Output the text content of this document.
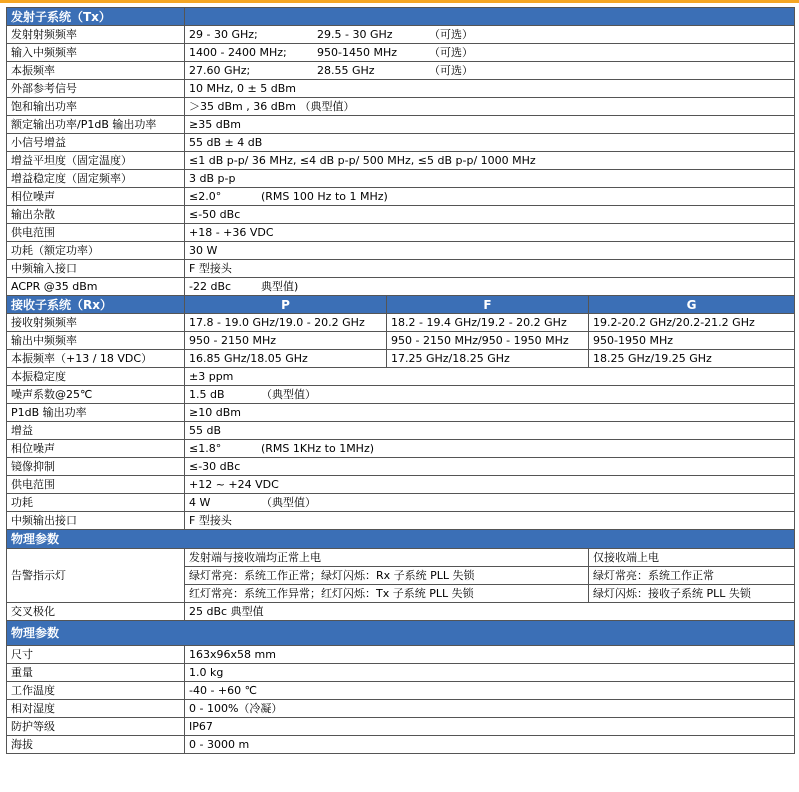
发射子系统（Tx）			
发射射频频率	29 - 30 GHz; 29.5 - 30 GHz （可选）		
输入中频频率	1400 - 2400 MHz; 950-1450 MHz （可选）		
本振频率	27.60 GHz; 28.55 GHz （可选）		
外部参考信号	10 MHz, 0 ± 5 dBm		
饱和输出功率	＞35 dBm , 36 dBm （典型值）		
额定输出功率/P1dB 输出功率	≥35 dBm		
小信号增益	55 dB ± 4 dB		
增益平坦度（固定温度）	≤1 dB p-p/ 36 MHz, ≤4 dB p-p/ 500 MHz, ≤5 dB p-p/ 1000 MHz		
增益稳定度（固定频率）	3 dB p-p		
相位噪声	≤2.0° (RMS 100 Hz to 1 MHz)		
输出杂散	≤-50 dBc		
供电范围	+18 - +36 VDC		
功耗（额定功率）	30 W		
中频输入接口	F 型接头		
ACPR @35 dBm	-22 dBc 典型值)		
接收子系统（Rx）	P	F	G
接收射频频率	17.8 - 19.0 GHz/19.0 - 20.2 GHz	18.2 - 19.4 GHz/19.2 - 20.2 GHz	19.2-20.2 GHz/20.2-21.2 GHz
输出中频频率	950 - 2150 MHz	950 - 2150 MHz/950 - 1950 MHz	950-1950 MHz
本振频率（+13 / 18 VDC）	16.85 GHz/18.05 GHz	17.25 GHz/18.25 GHz	18.25 GHz/19.25 GHz
本振稳定度	±3 ppm		
噪声系数@25℃	1.5 dB （典型值）		
P1dB 输出功率	≥10 dBm		
增益	55 dB		
相位噪声	≤1.8° (RMS 1KHz to 1MHz)		
镜像抑制	≤-30 dBc		
供电范围	+12 ~ +24 VDC		
功耗	4 W （典型值）		
中频输出接口	F 型接头		
物理参数			
告警指示灯	发射端与接收端均正常上电		仅接收端上电
	绿灯常亮：系统工作正常；绿灯闪烁：Rx 子系统 PLL 失锁		绿灯常亮：系统工作正常
	红灯常亮：系统工作异常；红灯闪烁：Tx 子系统 PLL 失锁		绿灯闪烁：接收子系统 PLL 失锁
交叉极化	25 dBc 典型值		
物理参数			
尺寸	163x96x58 mm		
重量	1.0 kg		
工作温度	-40 - +60 ℃		
相对湿度	0 - 100%（冷凝）		
防护等级	IP67		
海拔	0 - 3000 m		
